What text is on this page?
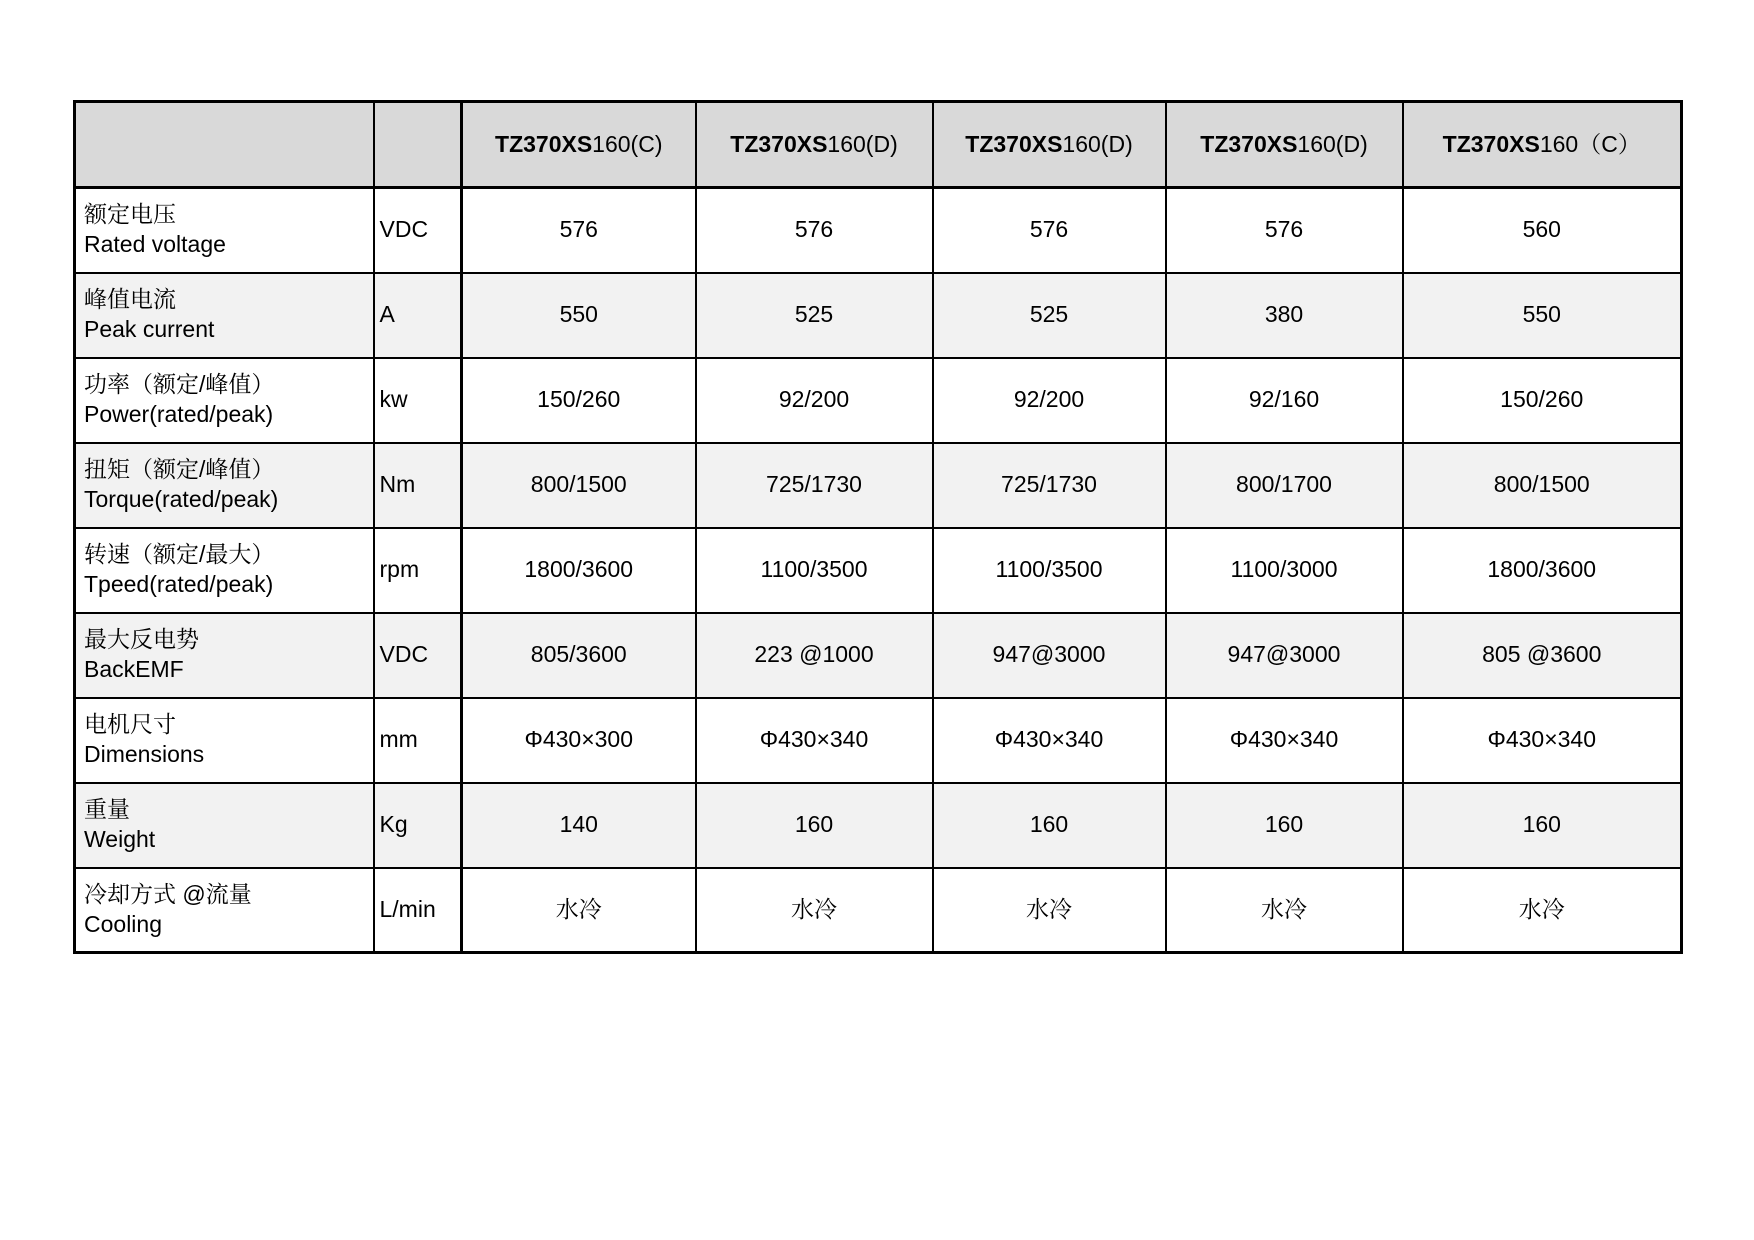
		TZ370XS160(C)	TZ370XS160(D)	TZ370XS160(D)	TZ370XS160(D)	TZ370XS160（C）

额定电压
Rated voltage	VDC	576	576	576	576	560

峰值电流
Peak current	A	550	525	525	380	550

功率（额定/峰值）
Power(rated/peak)	kw	150/260	92/200	92/200	92/160	150/260

扭矩（额定/峰值）
Torque(rated/peak)	Nm	800/1500	725/1730	725/1730	800/1700	800/1500

转速（额定/最大）
Tpeed(rated/peak)	rpm	1800/3600	1100/3500	1100/3500	1100/3000	1800/3600

最大反电势
BackEMF	VDC	805/3600	223 @1000	947@3000	947@3000	805 @3600

电机尺寸
Dimensions	mm	Φ430×300	Φ430×340	Φ430×340	Φ430×340	Φ430×340

重量
Weight	Kg	140	160	160	160	160

冷却方式 @流量
Cooling	L/min	水冷	水冷	水冷	水冷	水冷
